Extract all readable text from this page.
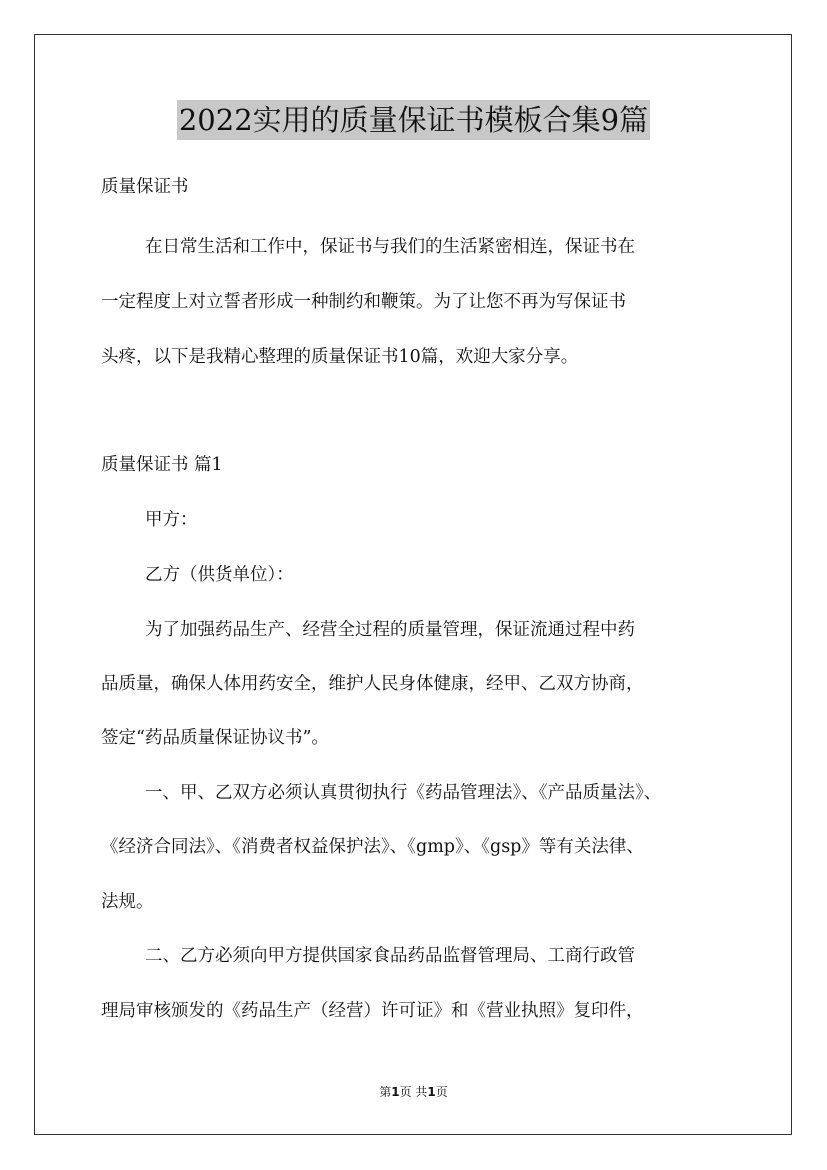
2022实用的质量保证书模板合集9篇
质量保证书
在日常生活和工作中，保证书与我们的生活紧密相连，保证书在
一定程度上对立誓者形成一种制约和鞭策。为了让您不再为写保证书
头疼，以下是我精心整理的质量保证书10篇，欢迎大家分享。
质量保证书 篇1
甲方：
乙方（供货单位）：
为了加强药品生产、经营全过程的质量管理，保证流通过程中药
品质量，确保人体用药安全，维护人民身体健康，经甲、乙双方协商，
签定“药品质量保证协议书”。
一、甲、乙双方必须认真贯彻执行《药品管理法》、《产品质量法》、
《经济合同法》、《消费者权益保护法》、《gmp》、《gsp》等有关法律、
法规。
二、乙方必须向甲方提供国家食品药品监督管理局、工商行政管
理局审核颁发的《药品生产（经营）许可证》和《营业执照》复印件，
第1页 共1页
